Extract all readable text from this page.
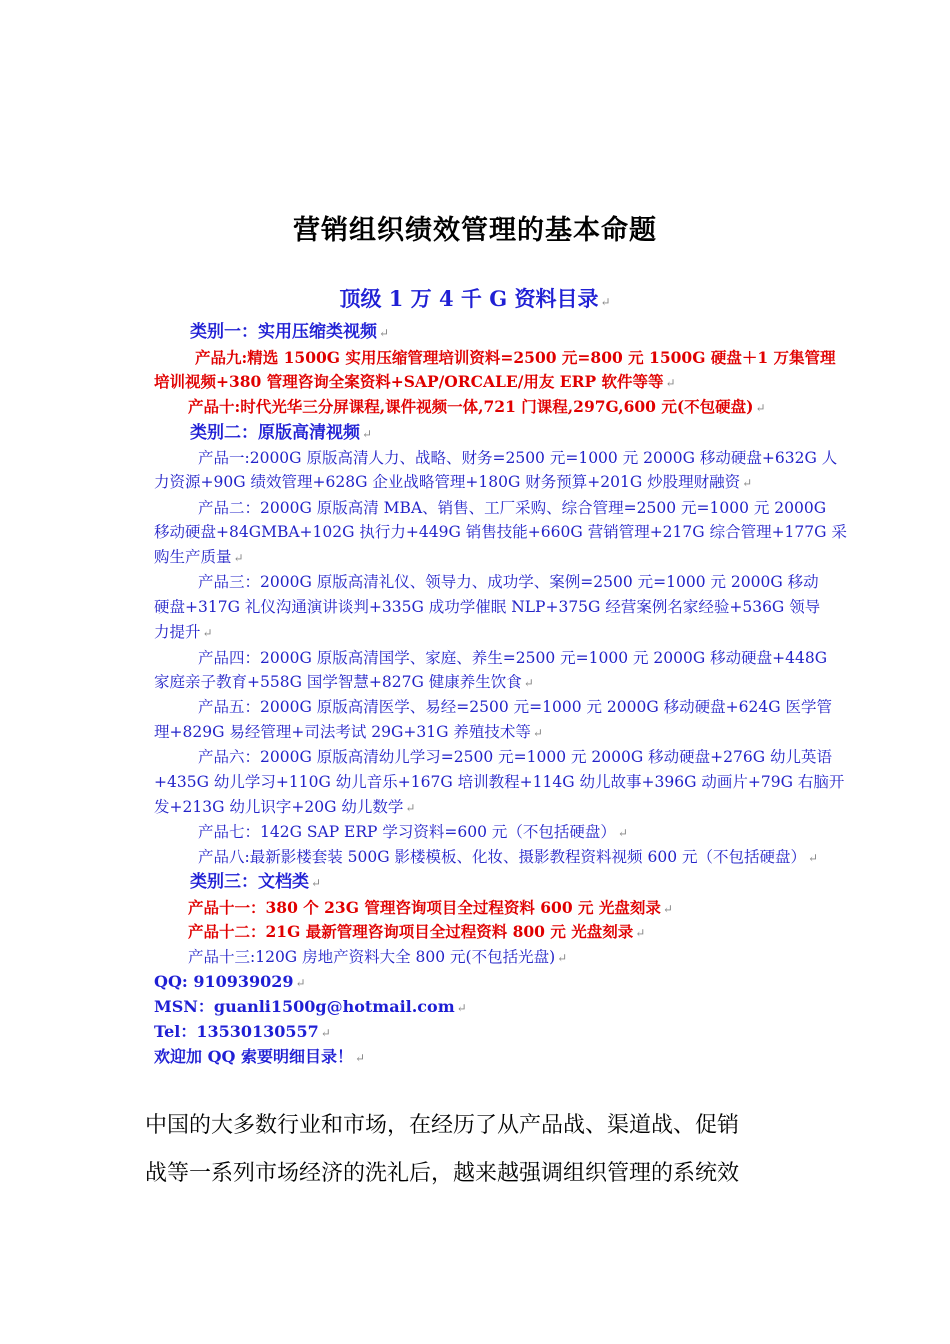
营销组织绩效管理的基本命题
顶级 1 万 4 千 G 资料目录 ↵
类别一：实用压缩类视频 ↵
产品九:精选 1500G 实用压缩管理培训资料=2500 元=800 元 1500G 硬盘＋1 万集管理
培训视频+380 管理咨询全案资料+SAP/ORCALE/用友 ERP 软件等等 ↵
产品十:时代光华三分屏课程,课件视频一体,721 门课程,297G,600 元(不包硬盘) ↵
类别二：原版高清视频 ↵
产品一:2000G 原版高清人力、战略、财务=2500 元=1000 元 2000G 移动硬盘+632G 人
力资源+90G 绩效管理+628G 企业战略管理+180G 财务预算+201G 炒股理财融资 ↵
产品二：2000G 原版高清 MBA、销售、工厂采购、综合管理=2500 元=1000 元 2000G
移动硬盘+84GMBA+102G 执行力+449G 销售技能+660G 营销管理+217G 综合管理+177G 采
购生产质量 ↵
产品三：2000G 原版高清礼仪、领导力、成功学、案例=2500 元=1000 元 2000G 移动
硬盘+317G 礼仪沟通演讲谈判+335G 成功学催眠 NLP+375G 经营案例名家经验+536G 领导
力提升 ↵
产品四：2000G 原版高清国学、家庭、养生=2500 元=1000 元 2000G 移动硬盘+448G
家庭亲子教育+558G 国学智慧+827G 健康养生饮食 ↵
产品五：2000G 原版高清医学、易经=2500 元=1000 元 2000G 移动硬盘+624G 医学管
理+829G 易经管理+司法考试 29G+31G 养殖技术等 ↵
产品六：2000G 原版高清幼儿学习=2500 元=1000 元 2000G 移动硬盘+276G 幼儿英语
+435G 幼儿学习+110G 幼儿音乐+167G 培训教程+114G 幼儿故事+396G 动画片+79G 右脑开
发+213G 幼儿识字+20G 幼儿数学 ↵
产品七：142G SAP ERP 学习资料=600 元（不包括硬盘） ↵
产品八:最新影楼套装 500G 影楼模板、化妆、摄影教程资料视频 600 元（不包括硬盘） ↵
类别三：文档类 ↵
产品十一：380 个 23G 管理咨询项目全过程资料 600 元 光盘刻录 ↵
产品十二：21G 最新管理咨询项目全过程资料 800 元 光盘刻录 ↵
产品十三:120G 房地产资料大全 800 元(不包括光盘) ↵
QQ: 910939029 ↵
MSN：guanli1500g@hotmail.com ↵
Tel：13530130557 ↵
欢迎加 QQ 索要明细目录！ ↵
中国的大多数行业和市场，在经历了从产品战、渠道战、促销
战等一系列市场经济的洗礼后，越来越强调组织管理的系统效
